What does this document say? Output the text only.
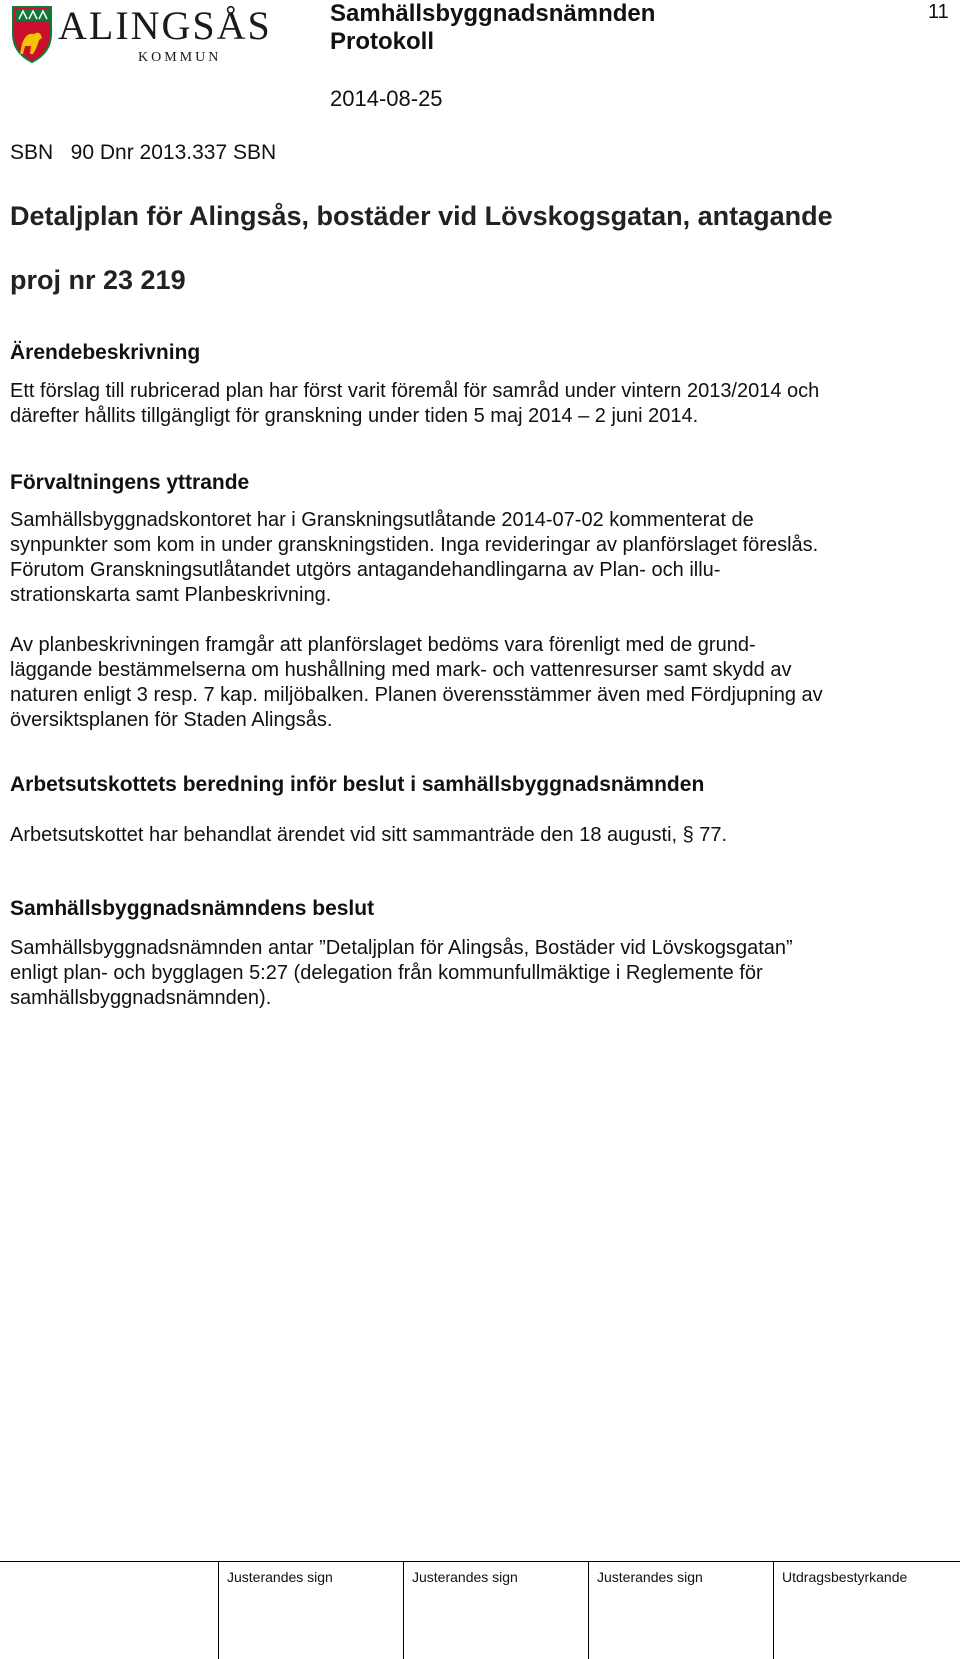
ALINGSÅS
KOMMUN
Samhällsbyggnadsnämnden
Protokoll
2014-08-25
11
SBN   90 Dnr 2013.337 SBN
Detaljplan för Alingsås, bostäder vid Lövskogsgatan, antagande
proj nr 23 219
Ärendebeskrivning
Ett förslag till rubricerad plan har först varit föremål för samråd under vintern 2013/2014 och
därefter hållits tillgängligt för granskning under tiden 5 maj 2014 – 2 juni 2014.
Förvaltningens yttrande
Samhällsbyggnadskontoret har i Granskningsutlåtande 2014-07-02 kommenterat de
synpunkter som kom in under granskningstiden. Inga revideringar av planförslaget föreslås.
Förutom Granskningsutlåtandet utgörs antagandehandlingarna av Plan- och illu-
strationskarta samt Planbeskrivning.
Av planbeskrivningen framgår att planförslaget bedöms vara förenligt med de grund-
läggande bestämmelserna om hushållning med mark- och vattenresurser samt skydd av
naturen enligt 3 resp. 7 kap. miljöbalken. Planen överensstämmer även med Fördjupning av
översiktsplanen för Staden Alingsås.
Arbetsutskottets beredning inför beslut i samhällsbyggnadsnämnden
Arbetsutskottet har behandlat ärendet vid sitt sammanträde den 18 augusti, § 77.
Samhällsbyggnadsnämndens beslut
Samhällsbyggnadsnämnden antar ”Detaljplan för Alingsås, Bostäder vid Lövskogsgatan”
enligt plan- och bygglagen 5:27 (delegation från kommunfullmäktige i Reglemente för
samhällsbyggnadsnämnden).
Justerandes sign	Justerandes sign	Justerandes sign	Utdragsbestyrkande
